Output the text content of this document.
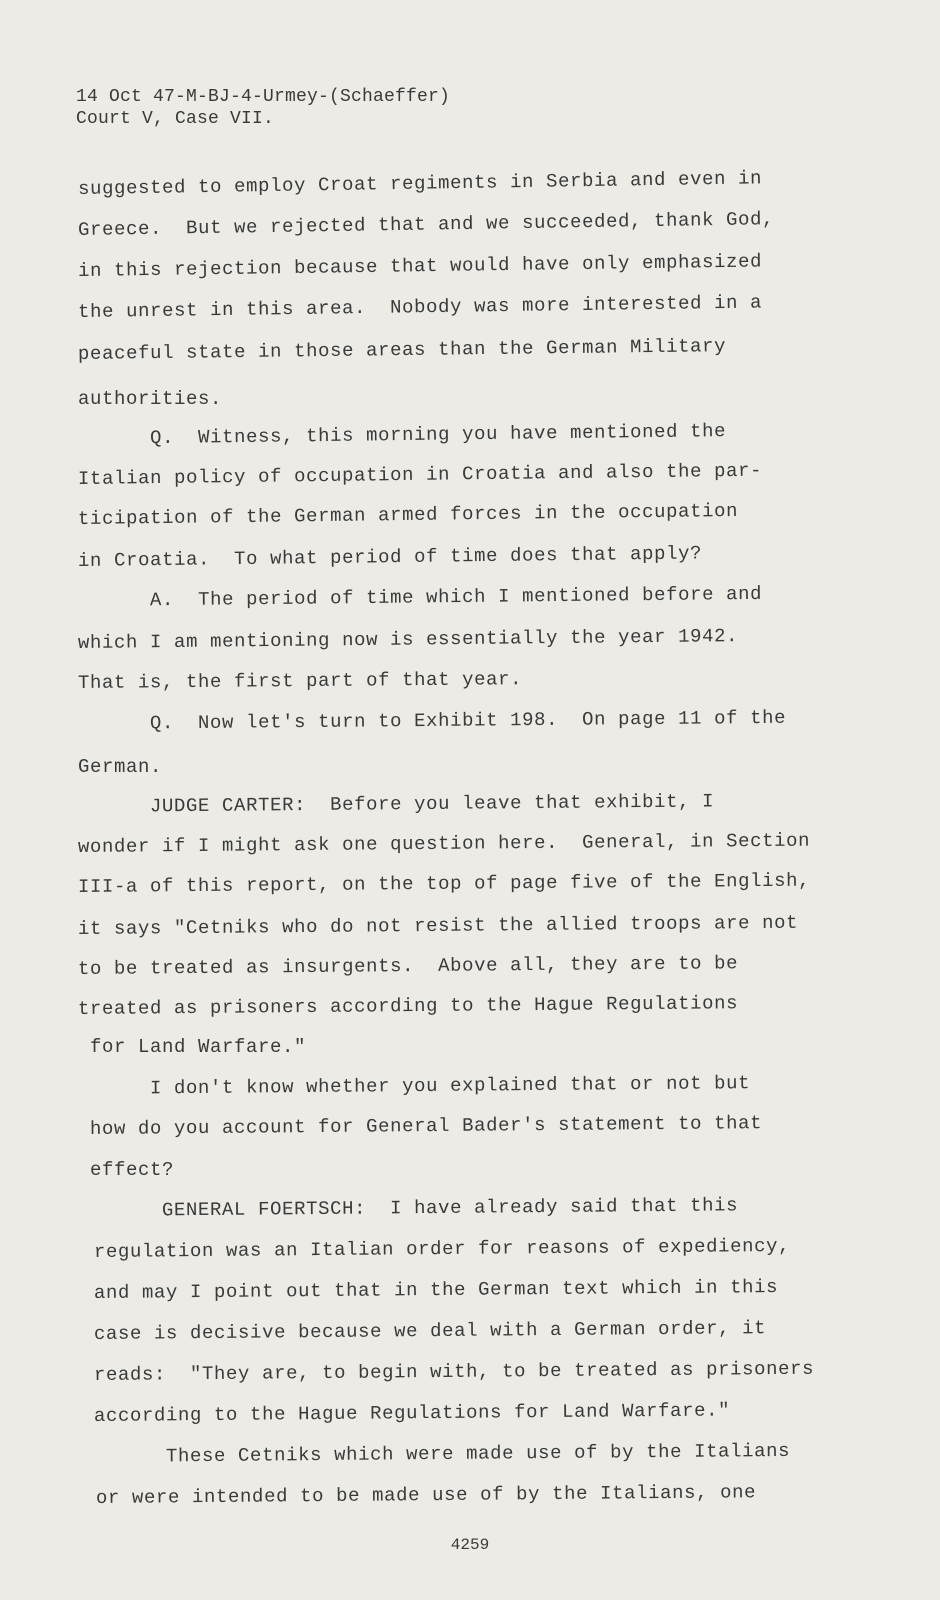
14 Oct 47-M-BJ-4-Urmey-(Schaeffer)
Court V, Case VII.
suggested to employ Croat regiments in Serbia and even in
Greece.  But we rejected that and we succeeded, thank God,
in this rejection because that would have only emphasized
the unrest in this area.  Nobody was more interested in a
peaceful state in those areas than the German Military
authorities.
Q.  Witness, this morning you have mentioned the
Italian policy of occupation in Croatia and also the par-
ticipation of the German armed forces in the occupation
in Croatia.  To what period of time does that apply?
A.  The period of time which I mentioned before and
which I am mentioning now is essentially the year 1942.
That is, the first part of that year.
Q.  Now let's turn to Exhibit 198.  On page 11 of the
German.
JUDGE CARTER:  Before you leave that exhibit, I
wonder if I might ask one question here.  General, in Section
III-a of this report, on the top of page five of the English,
it says "Cetniks who do not resist the allied troops are not
to be treated as insurgents.  Above all, they are to be
treated as prisoners according to the Hague Regulations
for Land Warfare."
I don't know whether you explained that or not but
how do you account for General Bader's statement to that
effect?
GENERAL FOERTSCH:  I have already said that this
regulation was an Italian order for reasons of expediency,
and may I point out that in the German text which in this
case is decisive because we deal with a German order, it
reads:  "They are, to begin with, to be treated as prisoners
according to the Hague Regulations for Land Warfare."
These Cetniks which were made use of by the Italians
or were intended to be made use of by the Italians, one
4259
